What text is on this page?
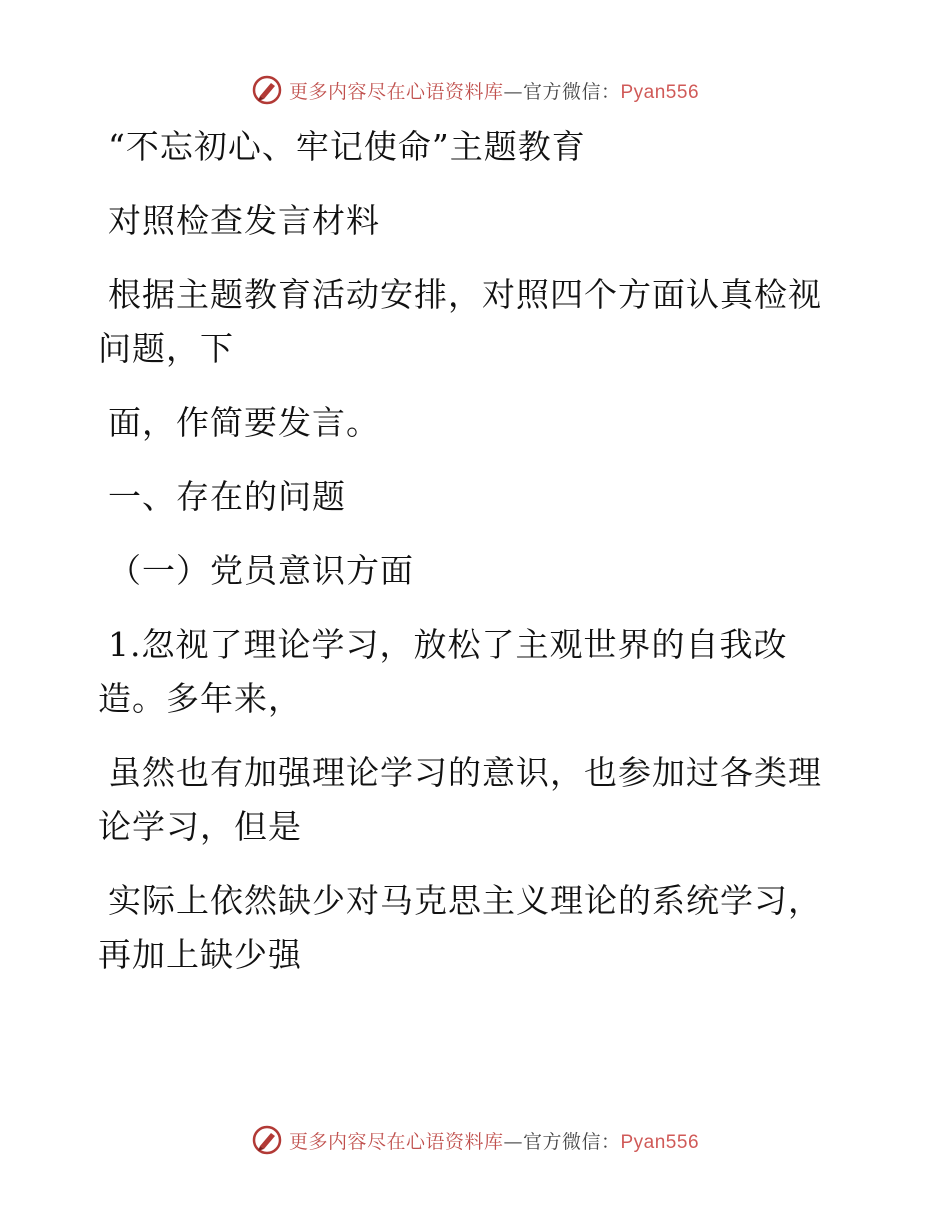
更多内容尽在心语资料库—官方微信：Pyan556
“不忘初心、牢记使命”主题教育
对照检查发言材料
根据主题教育活动安排，对照四个方面认真检视
问题，下
面，作简要发言。
一、存在的问题
（一）党员意识方面
1.忽视了理论学习，放松了主观世界的自我改
造。多年来，
虽然也有加强理论学习的意识，也参加过各类理
论学习，但是
实际上依然缺少对马克思主义理论的系统学习，
再加上缺少强
更多内容尽在心语资料库—官方微信：Pyan556
